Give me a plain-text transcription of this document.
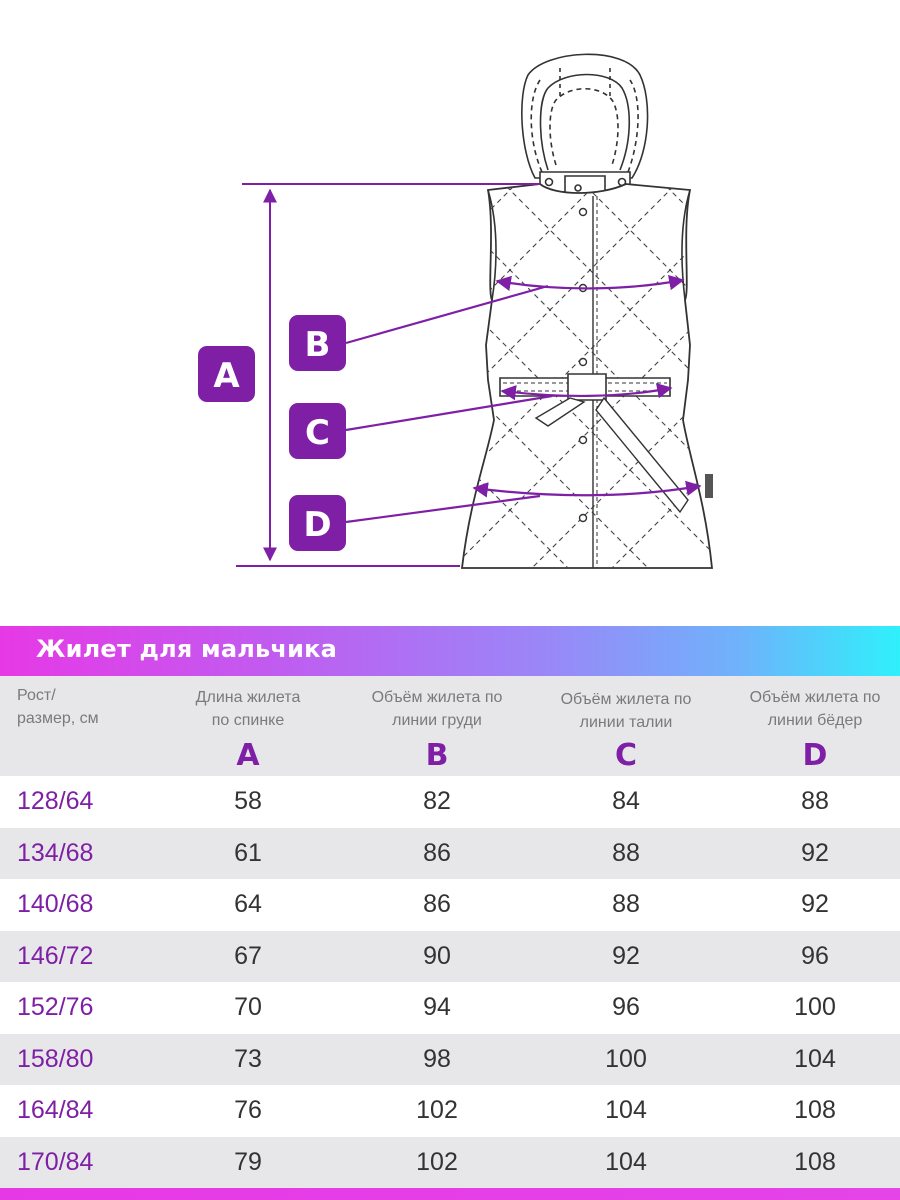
A
B
C
D
Жилет для мальчика
Рост/
размер, см
Длина жилета
по спинке
Объём жилета по
линии груди
Объём жилета по
линии талии
Объём жилета по
линии бёдер
A	B	C	D
128/64	58	82	84	88
134/68	61	86	88	92
140/68	64	86	88	92
146/72	67	90	92	96
152/76	70	94	96	100
158/80	73	98	100	104
164/84	76	102	104	108
170/84	79	102	104	108
